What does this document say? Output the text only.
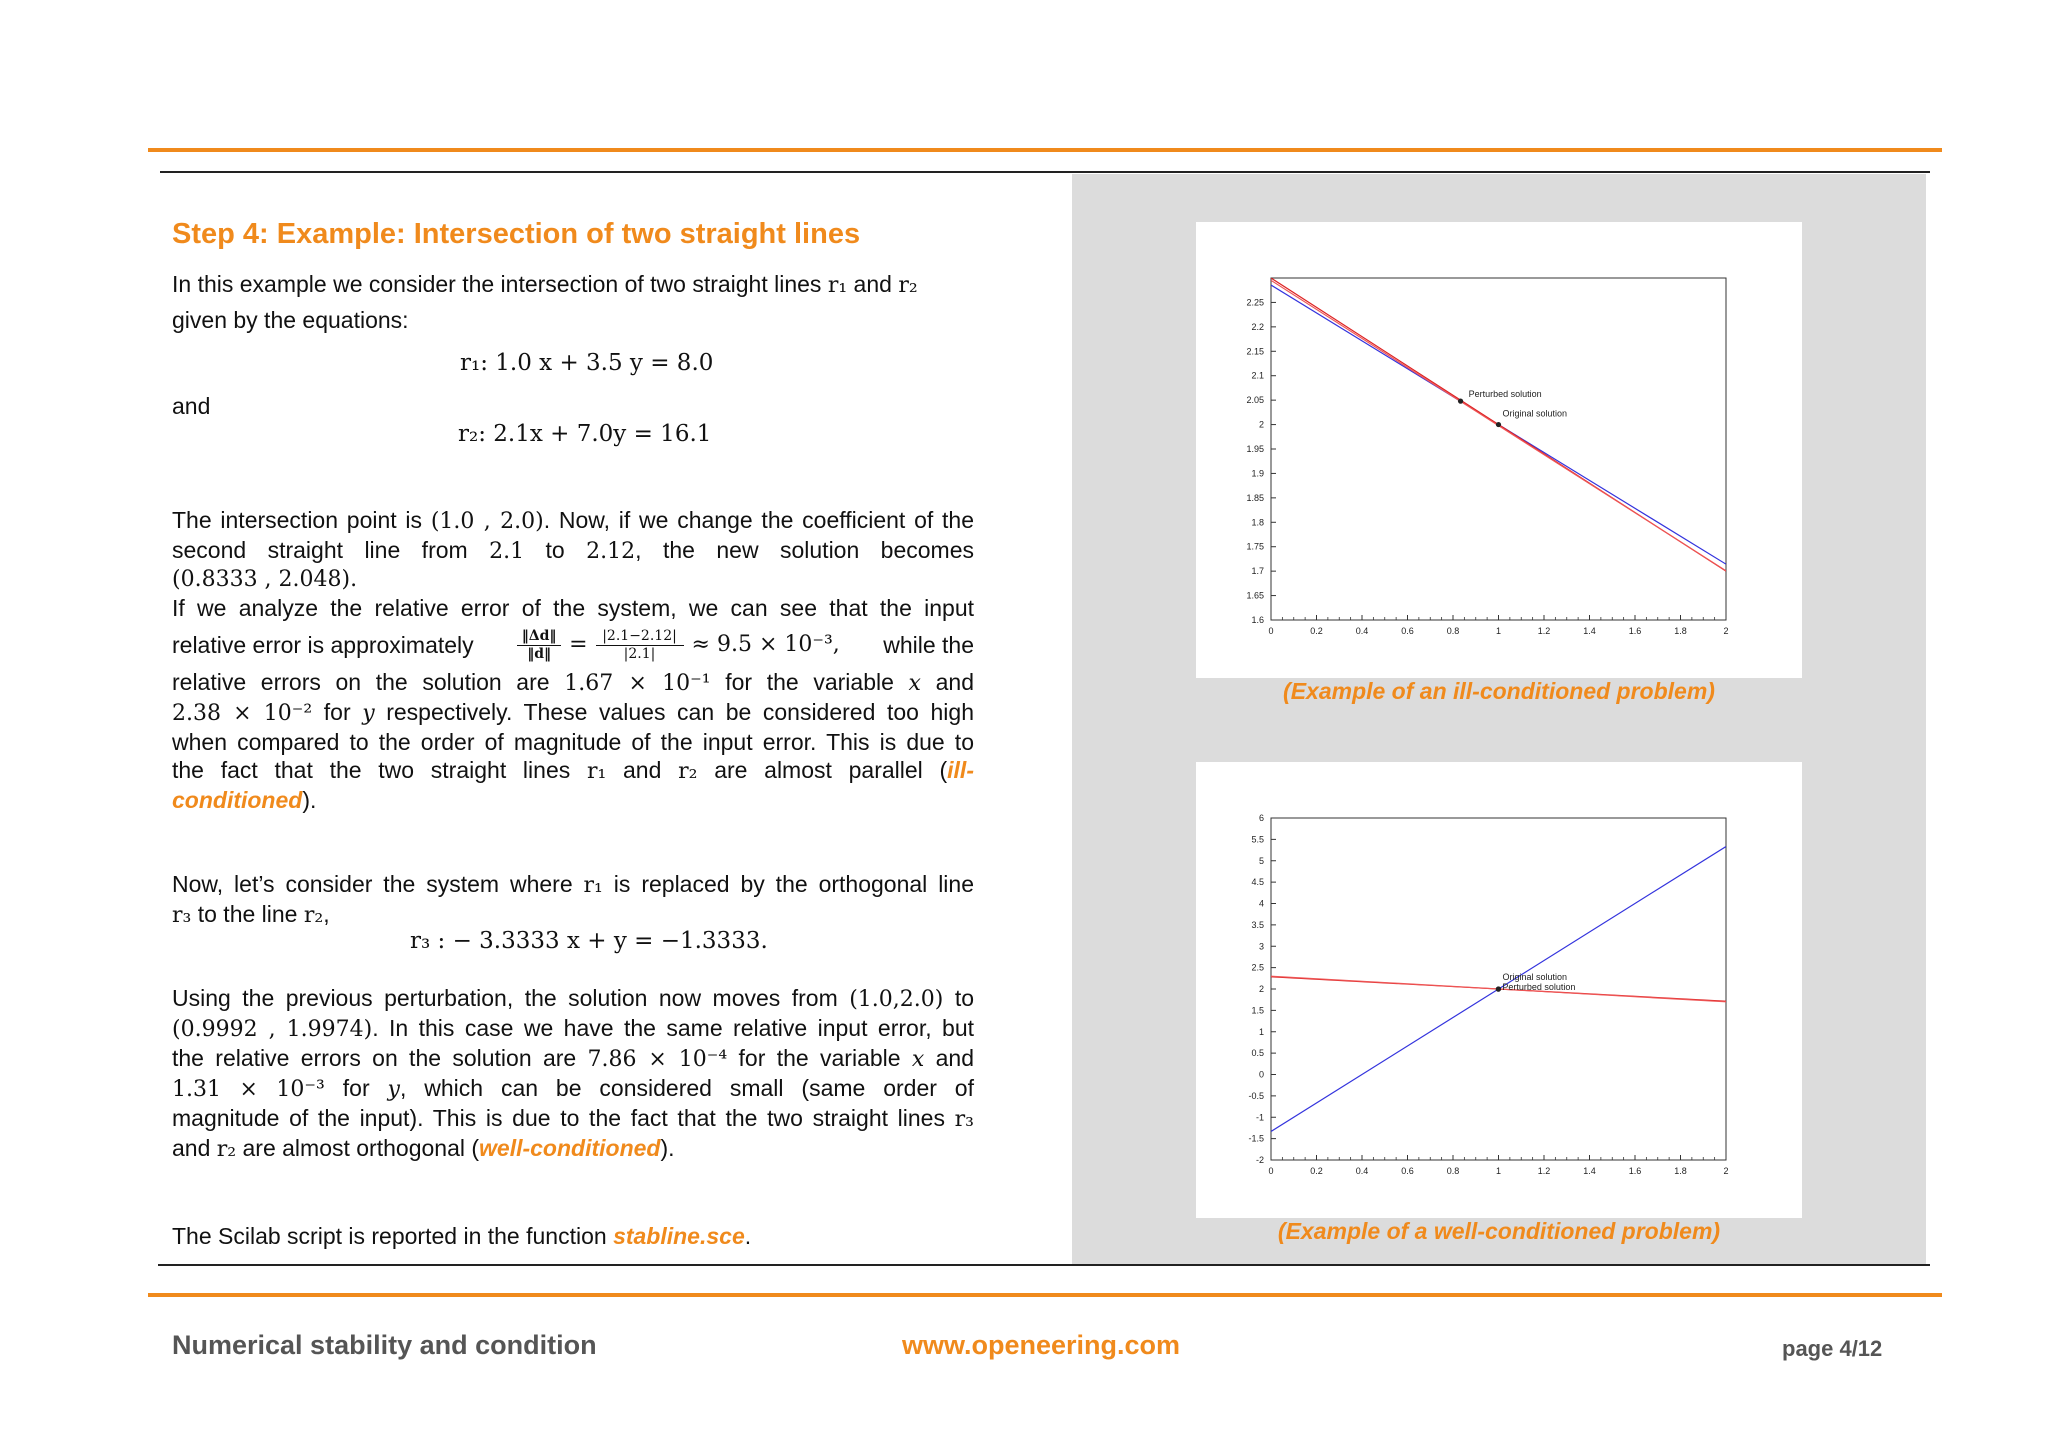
Step 4: Example: Intersection of two straight lines
In this example we consider the intersection of two straight lines r₁ and r₂
given by the equations:
r₁: 1.0 x + 3.5 y = 8.0
and
r₂: 2.1x + 7.0y = 16.1
The intersection point is (1.0 , 2.0). Now, if we change the coefficient of the
second straight line from 2.1 to 2.12, the new solution becomes
(0.8333 , 2.048).
If we analyze the relative error of the system, we can see that the input
relative error is approximately	‖Δd‖
‖d‖ = |2.1−2.12|
|2.1| ≈ 9.5 × 10⁻³, while the
relative errors on the solution are 1.67 × 10⁻¹ for the variable x and
2.38 × 10⁻² for y respectively. These values can be considered too high
when compared to the order of magnitude of the input error. This is due to
the fact that the two straight lines r₁ and r₂ are almost parallel (ill-
conditioned).
Now, let’s consider the system where r₁ is replaced by the orthogonal line
r₃ to the line r₂,
r₃ : − 3.3333 x + y = −1.3333.
Using the previous perturbation, the solution now moves from (1.0,2.0) to
(0.9992 , 1.9974). In this case we have the same relative input error, but
the relative errors on the solution are 7.86 × 10⁻⁴ for the variable x and
1.31 × 10⁻³ for y, which can be considered small (same order of
magnitude of the input). This is due to the fact that the two straight lines r₃
and r₂ are almost orthogonal (well-conditioned).
The Scilab script is reported in the function stabline.sce.
0	0.2	0.4	0.6	0.8	1	1.2	1.4	1.6	1.8	2
1.6
1.65
1.7
1.75
1.8
1.85
1.9
1.95
2
2.05
2.1
2.15
2.2
2.25
Perturbed solution
Original solution
(Example of an ill-conditioned problem)
0	0.2	0.4	0.6	0.8	1	1.2	1.4	1.6	1.8	2
-2
-1.5
-1
-0.5
0
0.5
1
1.5
2
2.5
3
3.5
4
4.5
5
5.5
6
Original solution
Perturbed solution
(Example of a well-conditioned problem)
Numerical stability and condition	www.openeering.com	page 4/12
